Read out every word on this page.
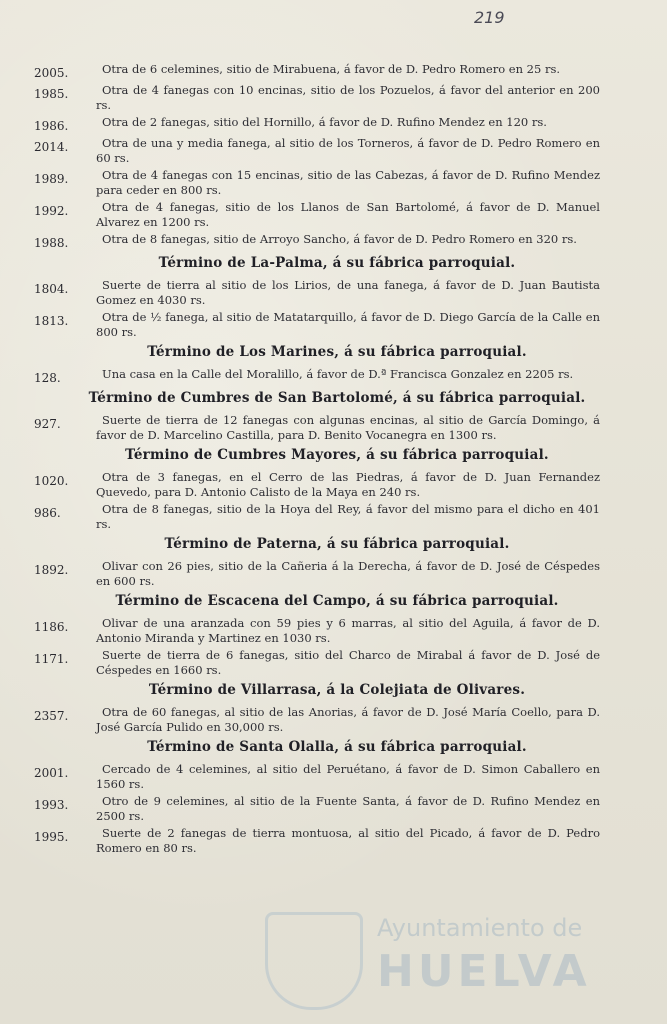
219
2005.	Otra de 6 celemines, sitio de Mirabuena, á favor de D. Pedro Romero en 25 rs.
1985.	Otra de 4 fanegas con 10 encinas, sitio de los Pozuelos, á favor del anterior en 200 rs.
1986.	Otra de 2 fanegas, sitio del Hornillo, á favor de D. Rufino Mendez en 120 rs.
2014.	Otra de una y media fanega, al sitio de los Torneros, á favor de D. Pedro Romero en 60 rs.
1989.	Otra de 4 fanegas con 15 encinas, sitio de las Cabezas, á favor de D. Rufino Mendez para ceder en 800 rs.
1992.	Otra de 4 fanegas, sitio de los Llanos de San Bartolomé, á favor de D. Manuel Alvarez en 1200 rs.
1988.	Otra de 8 fanegas, sitio de Arroyo Sancho, á favor de D. Pedro Romero en 320 rs.
Término de La-Palma, á su fábrica parroquial.
1804.	Suerte de tierra al sitio de los Lirios, de una fanega, á favor de D. Juan Bautista Gomez en 4030 rs.
1813.	Otra de ½ fanega, al sitio de Matatarquillo, á favor de D. Diego García de la Calle en 800 rs.
Término de Los Marines, á su fábrica parroquial.
128.	Una casa en la Calle del Moralillo, á favor de D.ª Francisca Gonzalez en 2205 rs.
Término de Cumbres de San Bartolomé, á su fábrica parroquial.
927.	Suerte de tierra de 12 fanegas con algunas encinas, al sitio de García Domingo, á favor de D. Marcelino Castilla, para D. Benito Vocanegra en 1300 rs.
Término de Cumbres Mayores, á su fábrica parroquial.
1020.	Otra de 3 fanegas, en el Cerro de las Piedras, á favor de D. Juan Fernandez Quevedo, para D. Antonio Calisto de la Maya en 240 rs.
986.	Otra de 8 fanegas, sitio de la Hoya del Rey, á favor del mismo para el dicho en 401 rs.
Término de Paterna, á su fábrica parroquial.
1892.	Olivar con 26 pies, sitio de la Cañeria á la Derecha, á favor de D. José de Céspedes en 600 rs.
Término de Escacena del Campo, á su fábrica parroquial.
1186.	Olivar de una aranzada con 59 pies y 6 marras, al sitio del Aguila, á favor de D. Antonio Miranda y Martinez en 1030 rs.
1171.	Suerte de tierra de 6 fanegas, sitio del Charco de Mirabal á favor de D. José de Céspedes en 1660 rs.
Término de Villarrasa, á la Colejiata de Olivares.
2357.	Otra de 60 fanegas, al sitio de las Anorias, á favor de D. José María Coello, para D. José García Pulido en 30,000 rs.
Término de Santa Olalla, á su fábrica parroquial.
2001.	Cercado de 4 celemines, al sitio del Peruétano, á favor de D. Simon Caballero en 1560 rs.
1993.	Otro de 9 celemines, al sitio de la Fuente Santa, á favor de D. Rufino Mendez en 2500 rs.
1995.	Suerte de 2 fanegas de tierra montuosa, al sitio del Picado, á favor de D. Pedro Romero en 80 rs.
Ayuntamiento de
HUELVA
